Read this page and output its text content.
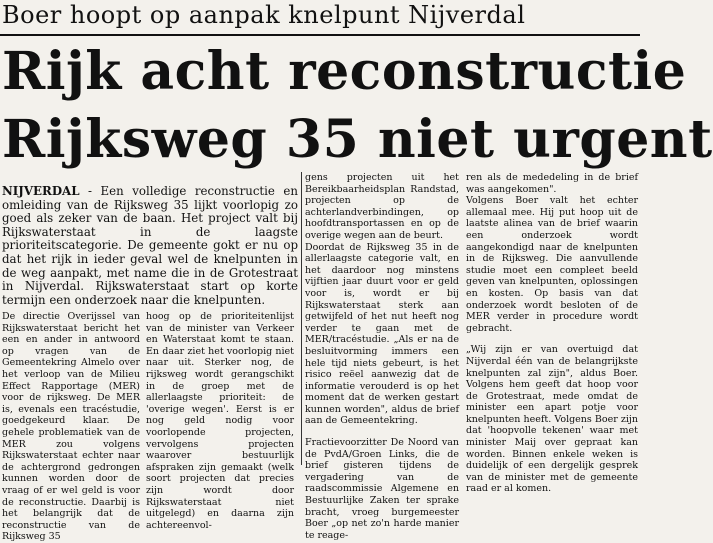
Boer hoopt op aanpak knelpunt Nijverdal
Rijk acht reconstructie
Rijksweg 35 niet urgent

NIJVERDAL - Een volledige reconstructie en omleiding van de Rijksweg 35 lijkt voorlopig zo goed als zeker van de baan. Het project valt bij Rijkswaterstaat in de laagste prioriteitscategorie. De gemeente gokt er nu op dat het rijk in ieder geval wel de knelpunten in de weg aanpakt, met name die in de Grotestraat in Nijverdal. Rijkswaterstaat start op korte termijn een onderzoek naar die knelpunten.

De directie Overijssel van Rijkswaterstaat bericht het een en ander in antwoord op vragen van de Gemeentekring Almelo over het verloop van de Milieu Effect Rapportage (MER) voor de rijksweg. De MER is, evenals een tracéstudie, goedgekeurd klaar. De gehele problematiek van de MER zou volgens Rijkswaterstaat echter naar de achtergrond gedrongen kunnen worden door de vraag of er wel geld is voor de reconstructie. Daarbij is het belangrijk dat de reconstructie van de Rijksweg 35

hoog op de prioriteitenlijst van de minister van Verkeer en Waterstaat komt te staan. En daar ziet het voorlopig niet naar uit. Sterker nog, de rijksweg wordt gerangschikt in de groep met de allerlaagste prioriteit: de 'overige wegen'. Eerst is er nog geld nodig voor voorlopende projecten, vervolgens projecten waarover bestuurlijk afspraken zijn gemaakt (welk soort projecten dat precies zijn wordt door Rijkswaterstaat niet uitgelegd) en daarna zijn achtereenvol-

gens projecten uit het Bereikbaarheidsplan Randstad, projecten op de achterlandverbindingen, op hoofdtransportassen en op de overige wegen aan de beurt.

Doordat de Rijksweg 35 in de allerlaagste categorie valt, en het daardoor nog minstens vijftien jaar duurt voor er geld voor is, wordt er bij Rijkswaterstaat sterk aan getwijfeld of het nut heeft nog verder te gaan met de MER/tracéstudie. „Als er na de besluitvorming immers een hele tijd niets gebeurt, is het risico reëel aanwezig dat de informatie verouderd is op het moment dat de werken gestart kunnen worden", aldus de brief aan de Gemeentekring.

Fractievoorzitter De Noord van de PvdA/Groen Links, die de brief gisteren tijdens de vergadering van de raadscommissie Algemene en Bestuurlijke Zaken ter sprake bracht, vroeg burgemeester Boer „op net zo'n harde manier te reage-

ren als de mededeling in de brief was aangekomen".

Volgens Boer valt het echter allemaal mee. Hij put hoop uit de laatste alinea van de brief waarin een onderzoek wordt aangekondigd naar de knelpunten in de Rijksweg. Die aanvullende studie moet een compleet beeld geven van knelpunten, oplossingen en kosten. Op basis van dat onderzoek wordt besloten of de MER verder in procedure wordt gebracht.

„Wij zijn er van overtuigd dat Nijverdal één van de belangrijkste knelpunten zal zijn", aldus Boer. Volgens hem geeft dat hoop voor de Grotestraat, mede omdat de minister een apart potje voor knelpunten heeft. Volgens Boer zijn dat 'hoopvolle tekenen' waar met minister Maij over gepraat kan worden. Binnen enkele weken is duidelijk of een dergelijk gesprek van de minister met de gemeente raad er al komen.
